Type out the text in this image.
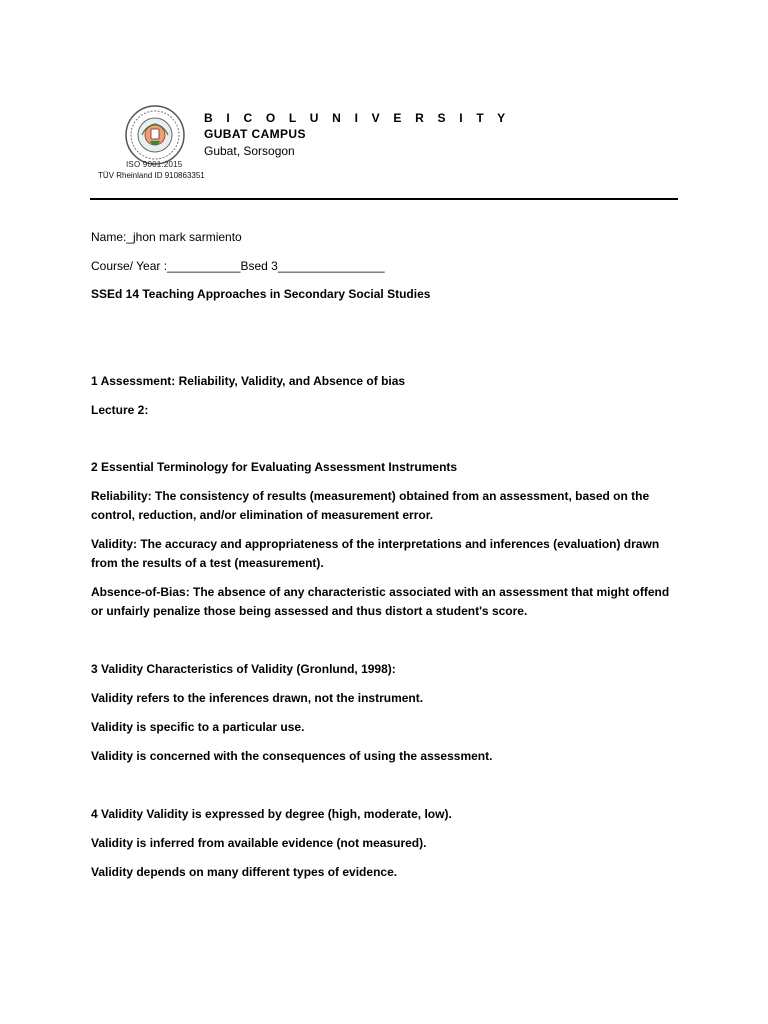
ISO 9001:2015
TÜV Rheinland ID 910863351
B I C O L U N I V E R S I T Y
GUBAT CAMPUS
Gubat, Sorsogon
Name:_jhon mark sarmiento
Course/ Year :___________Bsed 3________________
SSEd 14 Teaching Approaches in Secondary Social Studies
1 Assessment: Reliability, Validity, and Absence of bias
Lecture 2:
2 Essential Terminology for Evaluating Assessment Instruments
Reliability: The consistency of results (measurement) obtained from an assessment, based on the control, reduction, and/or elimination of measurement error.
Validity: The accuracy and appropriateness of the interpretations and inferences (evaluation) drawn from the results of a test (measurement).
Absence-of-Bias: The absence of any characteristic associated with an assessment that might offend or unfairly penalize those being assessed and thus distort a student's score.
3 Validity Characteristics of Validity (Gronlund, 1998):
Validity refers to the inferences drawn, not the instrument.
Validity is specific to a particular use.
Validity is concerned with the consequences of using the assessment.
4 Validity Validity is expressed by degree (high, moderate, low).
Validity is inferred from available evidence (not measured).
Validity depends on many different types of evidence.
